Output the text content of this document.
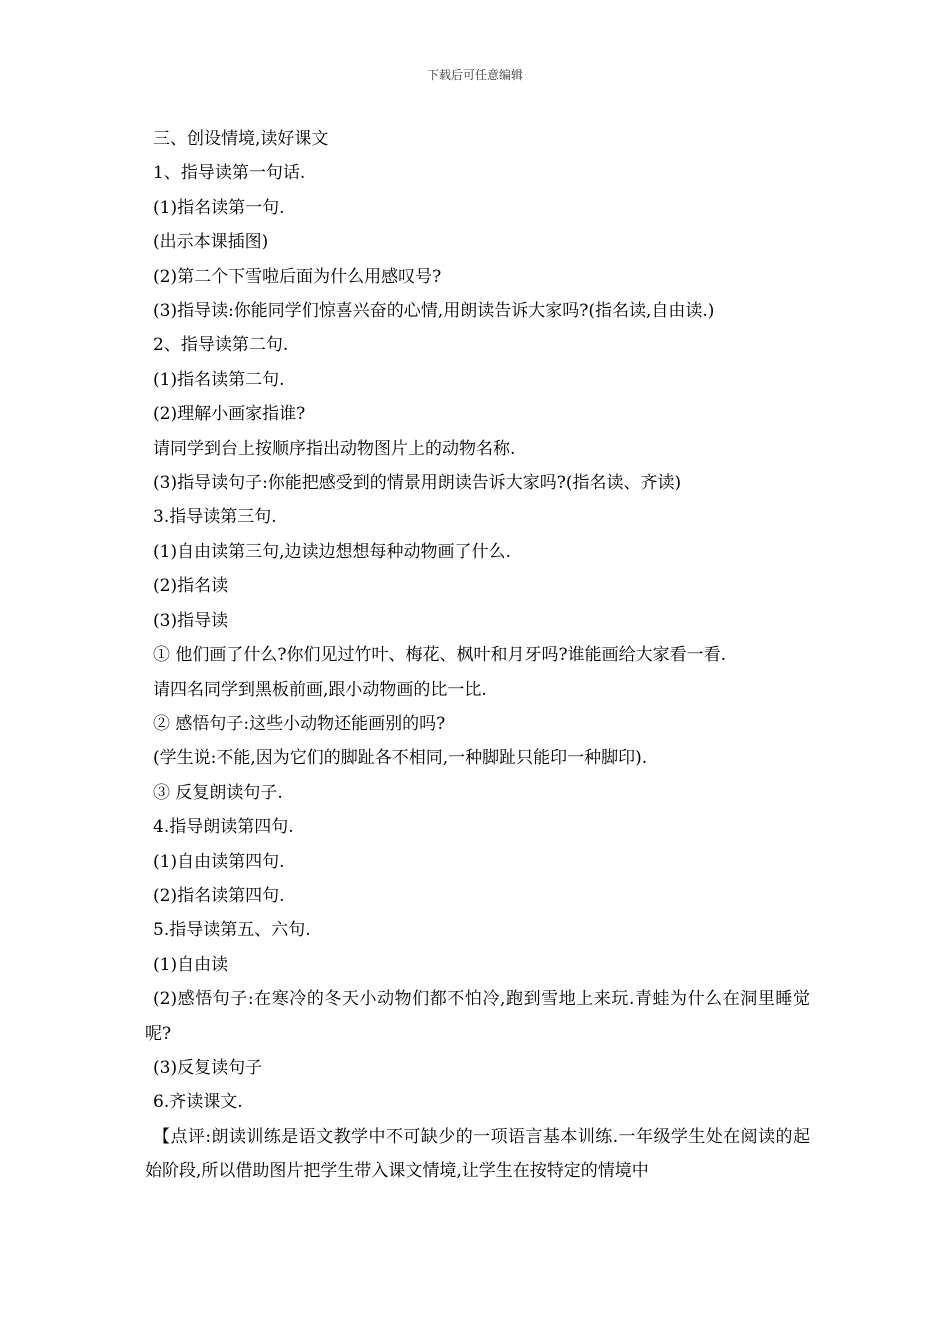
下载后可任意编辑

三、创设情境,读好课文

1、指导读第一句话.

(1)指名读第一句.

(出示本课插图)

(2)第二个下雪啦后面为什么用感叹号?

(3)指导读:你能同学们惊喜兴奋的心情,用朗读告诉大家吗?(指名读,自由读.)

2、指导读第二句.

(1)指名读第二句.

(2)理解小画家指谁?

请同学到台上按顺序指出动物图片上的动物名称.

(3)指导读句子:你能把感受到的情景用朗读告诉大家吗?(指名读、齐读)

3.指导读第三句.

(1)自由读第三句,边读边想想每种动物画了什么.

(2)指名读

(3)指导读

① 他们画了什么?你们见过竹叶、梅花、枫叶和月牙吗?谁能画给大家看一看.

请四名同学到黑板前画,跟小动物画的比一比.

② 感悟句子:这些小动物还能画别的吗?

(学生说:不能,因为它们的脚趾各不相同,一种脚趾只能印一种脚印).

③ 反复朗读句子.

4.指导朗读第四句.

(1)自由读第四句.

(2)指名读第四句.

5.指导读第五、六句.

(1)自由读

(2)感悟句子:在寒冷的冬天小动物们都不怕冷,跑到雪地上来玩.青蛙为什么在洞里睡觉呢?

(3)反复读句子

6.齐读课文.

【点评:朗读训练是语文教学中不可缺少的一项语言基本训练.一年级学生处在阅读的起始阶段,所以借助图片把学生带入课文情境,让学生在按特定的情境中
